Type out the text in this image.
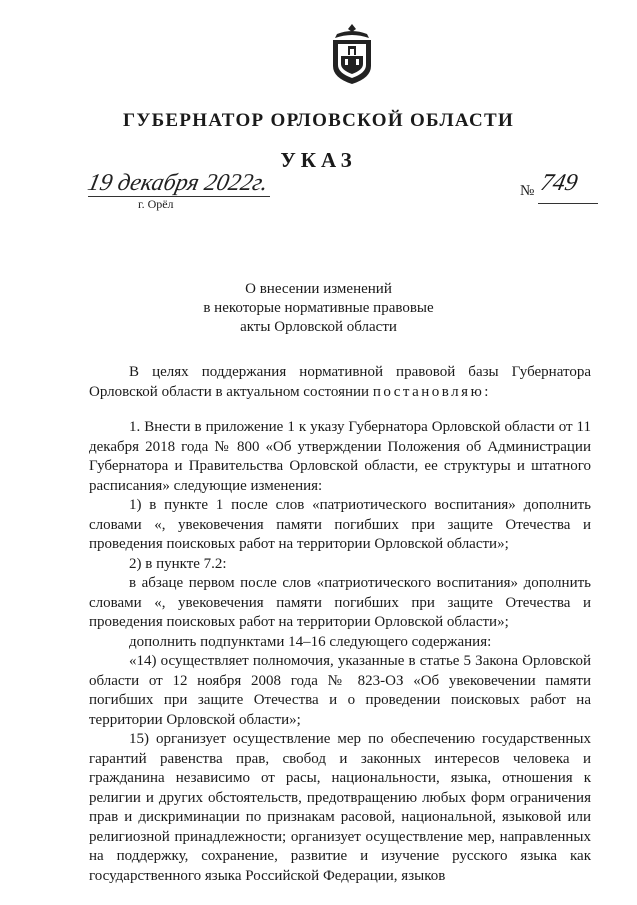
ГУБЕРНАТОР ОРЛОВСКОЙ ОБЛАСТИ
УКАЗ
19 декабря 2022г.
г. Орёл
№ 749
О внесении изменений
в некоторые нормативные правовые
акты Орловской области

В целях поддержания нормативной правовой базы Губернатора Орловской области в актуальном состоянии постановляю:

1. Внести в приложение 1 к указу Губернатора Орловской области от 11 декабря 2018 года № 800 «Об утверждении Положения об Администрации Губернатора и Правительства Орловской области, ее структуры и штатного расписания» следующие изменения:

1) в пункте 1 после слов «патриотического воспитания» дополнить словами «, увековечения памяти погибших при защите Отечества и проведения поисковых работ на территории Орловской области»;

2) в пункте 7.2:

в абзаце первом после слов «патриотического воспитания» дополнить словами «, увековечения памяти погибших при защите Отечества и проведения поисковых работ на территории Орловской области»;

дополнить подпунктами 14–16 следующего содержания:

«14) осуществляет полномочия, указанные в статье 5 Закона Орловской области от 12 ноября 2008 года № 823-ОЗ «Об увековечении памяти погибших при защите Отечества и о проведении поисковых работ на территории Орловской области»;

15) организует осуществление мер по обеспечению государственных гарантий равенства прав, свобод и законных интересов человека и гражданина независимо от расы, национальности, языка, отношения к религии и других обстоятельств, предотвращению любых форм ограничения прав и дискриминации по признакам расовой, национальной, языковой или религиозной принадлежности; организует осуществление мер, направленных на поддержку, сохранение, развитие и изучение русского языка как государственного языка Российской Федерации, языков
